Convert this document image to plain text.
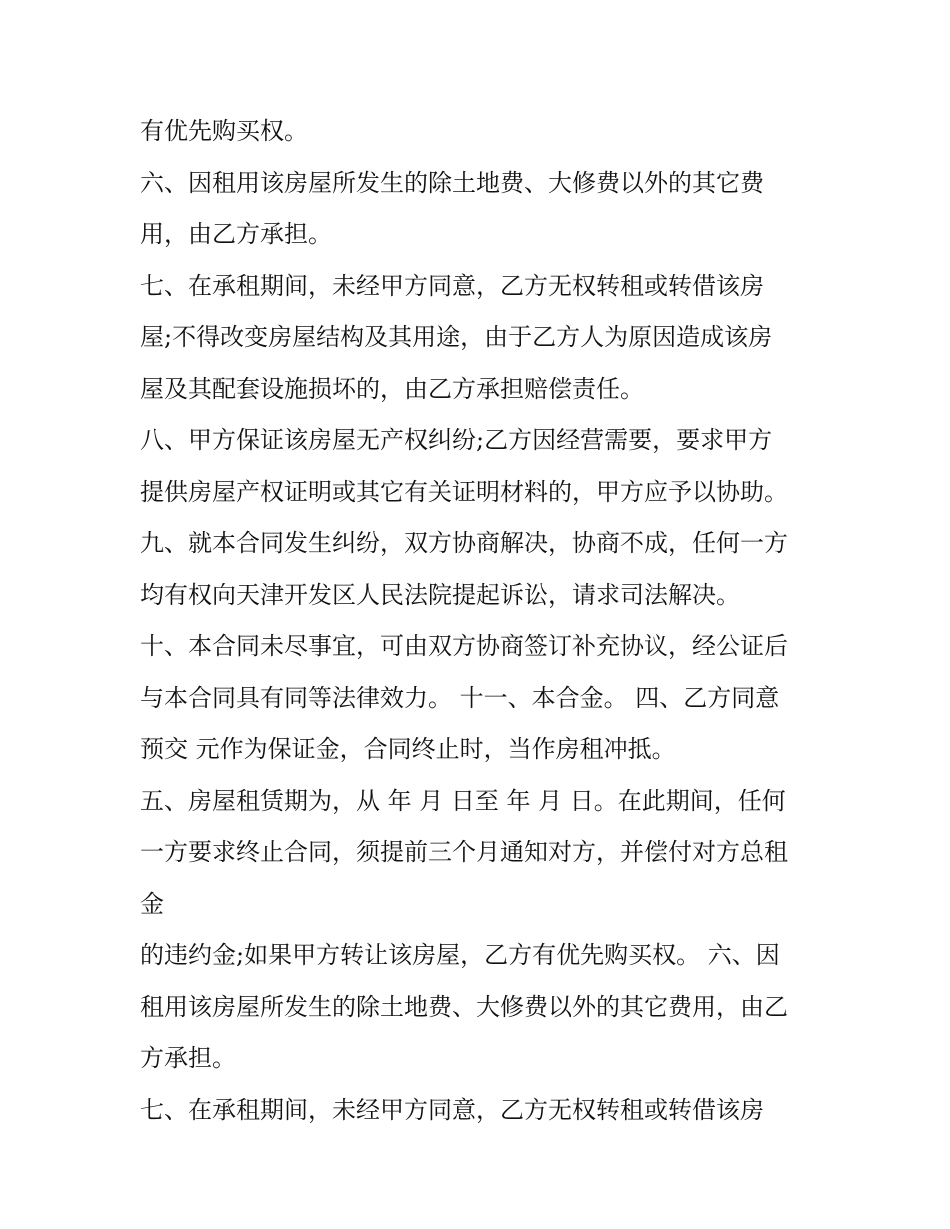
有优先购买权。
六、因租用该房屋所发生的除土地费、大修费以外的其它费
用，由乙方承担。
七、在承租期间，未经甲方同意，乙方无权转租或转借该房
屋;不得改变房屋结构及其用途，由于乙方人为原因造成该房
屋及其配套设施损坏的，由乙方承担赔偿责任。
八、甲方保证该房屋无产权纠纷;乙方因经营需要，要求甲方
提供房屋产权证明或其它有关证明材料的，甲方应予以协助。
九、就本合同发生纠纷，双方协商解决，协商不成，任何一方
均有权向天津开发区人民法院提起诉讼，请求司法解决。
十、本合同未尽事宜，可由双方协商签订补充协议，经公证后
与本合同具有同等法律效力。 十一、本合金。 四、乙方同意
预交 元作为保证金，合同终止时，当作房租冲抵。
五、房屋租赁期为，从 年 月 日至 年 月 日。在此期间，任何
一方要求终止合同，须提前三个月通知对方，并偿付对方总租
金
的违约金;如果甲方转让该房屋，乙方有优先购买权。 六、因
租用该房屋所发生的除土地费、大修费以外的其它费用，由乙
方承担。
七、在承租期间，未经甲方同意，乙方无权转租或转借该房
